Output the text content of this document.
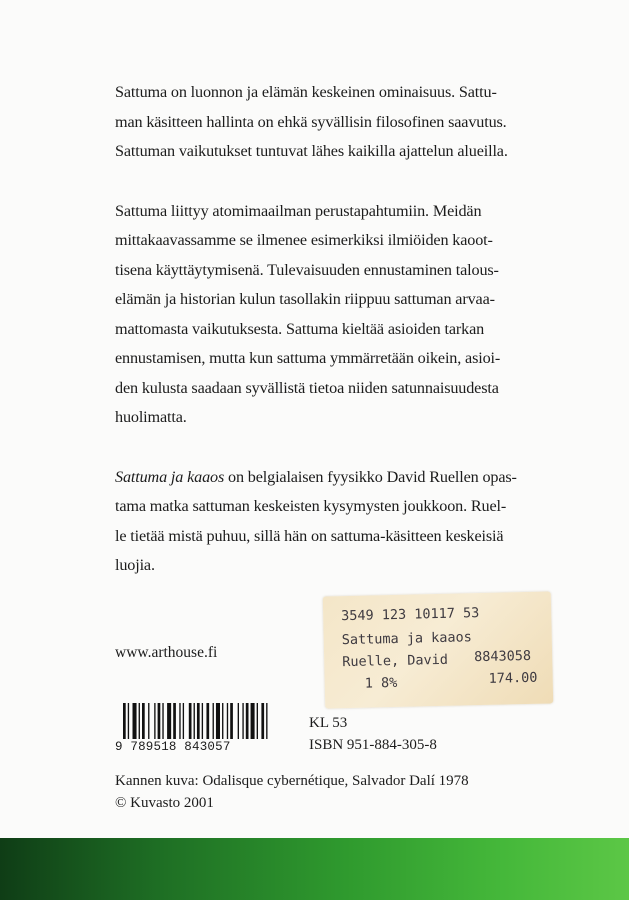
Sattuma on luonnon ja elämän keskeinen ominaisuus. Sattu-
man käsitteen hallinta on ehkä syvällisin filosofinen saavutus.
Sattuman vaikutukset tuntuvat lähes kaikilla ajattelun alueilla.

Sattuma liittyy atomimaailman perustapahtumiin. Meidän
mittakaavassamme se ilmenee esimerkiksi ilmiöiden kaoot-
tisena käyttäytymisenä. Tulevaisuuden ennustaminen talous-
elämän ja historian kulun tasollakin riippuu sattuman arvaa-
mattomasta vaikutuksesta. Sattuma kieltää asioiden tarkan
ennustamisen, mutta kun sattuma ymmärretään oikein, asioi-
den kulusta saadaan syvällistä tietoa niiden satunnaisuudesta
huolimatta.

Sattuma ja kaaos on belgialaisen fyysikko David Ruellen opas-
tama matka sattuman keskeisten kysymysten joukkoon. Ruel-
le tietää mistä puhuu, sillä hän on sattuma-käsitteen keskeisiä
luojia.

www.arthouse.fi
3549 123 10117 53
Sattuma ja kaaos
Ruelle, David 8843058
1 8%	174.00
9 789518 843057
KL 53
ISBN 951-884-305-8
Kannen kuva: Odalisque cybernétique, Salvador Dalí 1978
© Kuvasto 2001
